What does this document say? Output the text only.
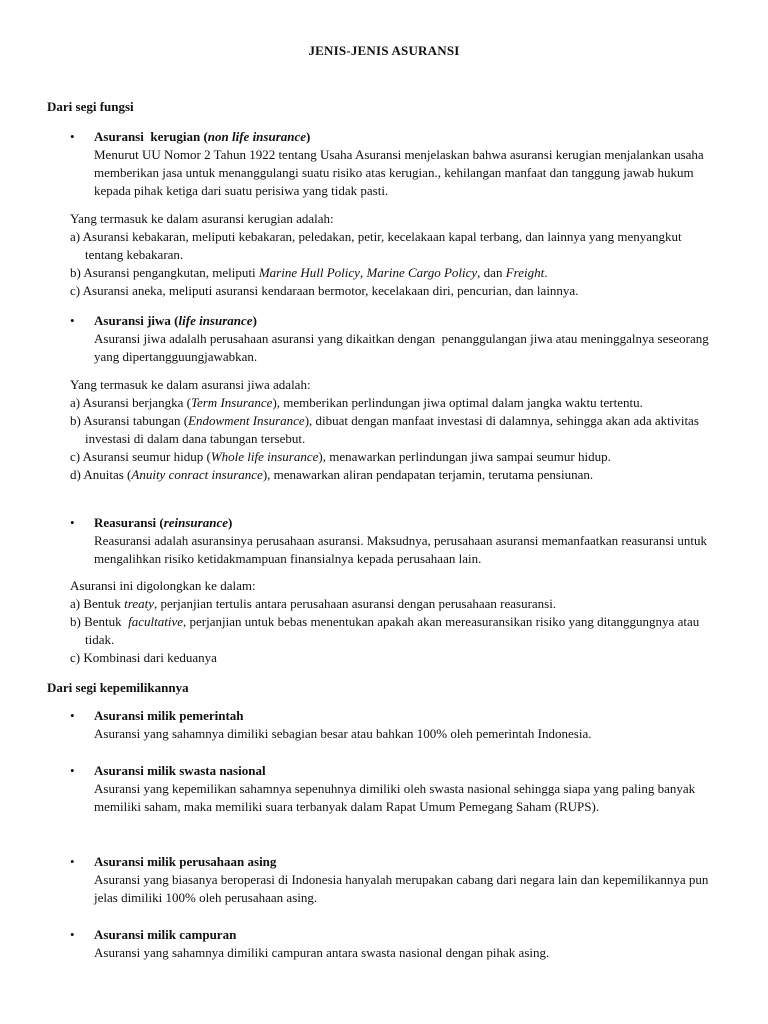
JENIS-JENIS ASURANSI
Dari segi fungsi
• Asuransi  kerugian (non life insurance)
Menurut UU Nomor 2 Tahun 1922 tentang Usaha Asuransi menjelaskan bahwa asuransi kerugian menjalankan usaha memberikan jasa untuk menanggulangi suatu risiko atas kerugian., kehilangan manfaat dan tanggung jawab hukum kepada pihak ketiga dari suatu perisiwa yang tidak pasti.
Yang termasuk ke dalam asuransi kerugian adalah:
a) Asuransi kebakaran, meliputi kebakaran, peledakan, petir, kecelakaan kapal terbang, dan lainnya yang menyangkut tentang kebakaran.
b) Asuransi pengangkutan, meliputi Marine Hull Policy, Marine Cargo Policy, dan Freight.
c) Asuransi aneka, meliputi asuransi kendaraan bermotor, kecelakaan diri, pencurian, dan lainnya.
• Asuransi jiwa (life insurance)
Asuransi jiwa adalalh perusahaan asuransi yang dikaitkan dengan  penanggulangan jiwa atau meninggalnya seseorang yang dipertangguungjawabkan.
Yang termasuk ke dalam asuransi jiwa adalah:
a) Asuransi berjangka (Term Insurance), memberikan perlindungan jiwa optimal dalam jangka waktu tertentu.
b) Asuransi tabungan (Endowment Insurance), dibuat dengan manfaat investasi di dalamnya, sehingga akan ada aktivitas investasi di dalam dana tabungan tersebut.
c) Asuransi seumur hidup (Whole life insurance), menawarkan perlindungan jiwa sampai seumur hidup.
d) Anuitas (Anuity conract insurance), menawarkan aliran pendapatan terjamin, terutama pensiunan.
• Reasuransi (reinsurance)
Reasuransi adalah asuransinya perusahaan asuransi. Maksudnya, perusahaan asuransi memanfaatkan reasuransi untuk mengalihkan risiko ketidakmampuan finansialnya kepada perusahaan lain.
Asuransi ini digolongkan ke dalam:
a) Bentuk treaty, perjanjian tertulis antara perusahaan asuransi dengan perusahaan reasuransi.
b) Bentuk  facultative, perjanjian untuk bebas menentukan apakah akan mereasuransikan risiko yang ditanggungnya atau tidak.
c) Kombinasi dari keduanya
Dari segi kepemilikannya
• Asuransi milik pemerintah
Asuransi yang sahamnya dimiliki sebagian besar atau bahkan 100% oleh pemerintah Indonesia.
• Asuransi milik swasta nasional
Asuransi yang kepemilikan sahamnya sepenuhnya dimiliki oleh swasta nasional sehingga siapa yang paling banyak memiliki saham, maka memiliki suara terbanyak dalam Rapat Umum Pemegang Saham (RUPS).
• Asuransi milik perusahaan asing
Asuransi yang biasanya beroperasi di Indonesia hanyalah merupakan cabang dari negara lain dan kepemilikannya pun jelas dimiliki 100% oleh perusahaan asing.
• Asuransi milik campuran
Asuransi yang sahamnya dimiliki campuran antara swasta nasional dengan pihak asing.
